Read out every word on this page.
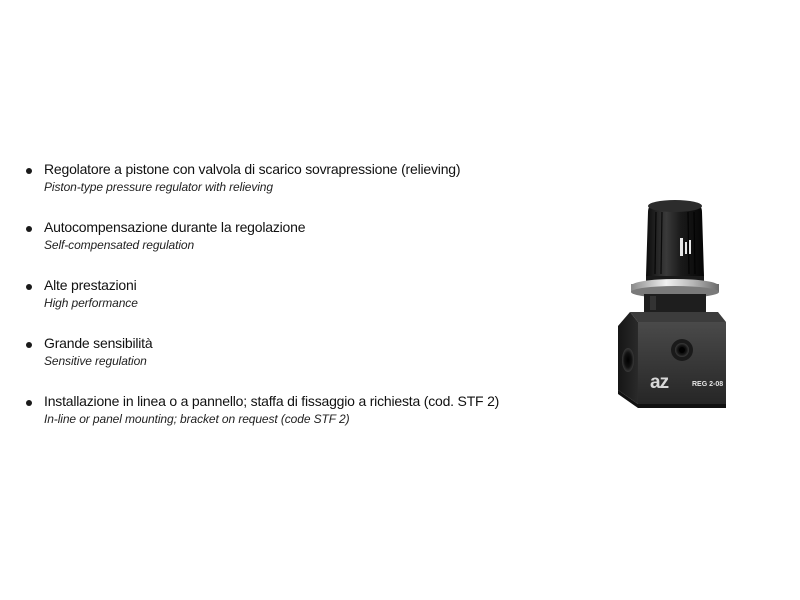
Regolatore a pistone con valvola di scarico sovrapressione (relieving)
Piston-type pressure regulator with relieving
Autocompensazione durante la regolazione
Self-compensated regulation
Alte prestazioni
High performance
Grande sensibilità
Sensitive regulation
Installazione in linea o a pannello; staffa di fissaggio a richiesta (cod. STF 2)
In-line or panel mounting; bracket on request (code STF 2)
az	REG 2-08
